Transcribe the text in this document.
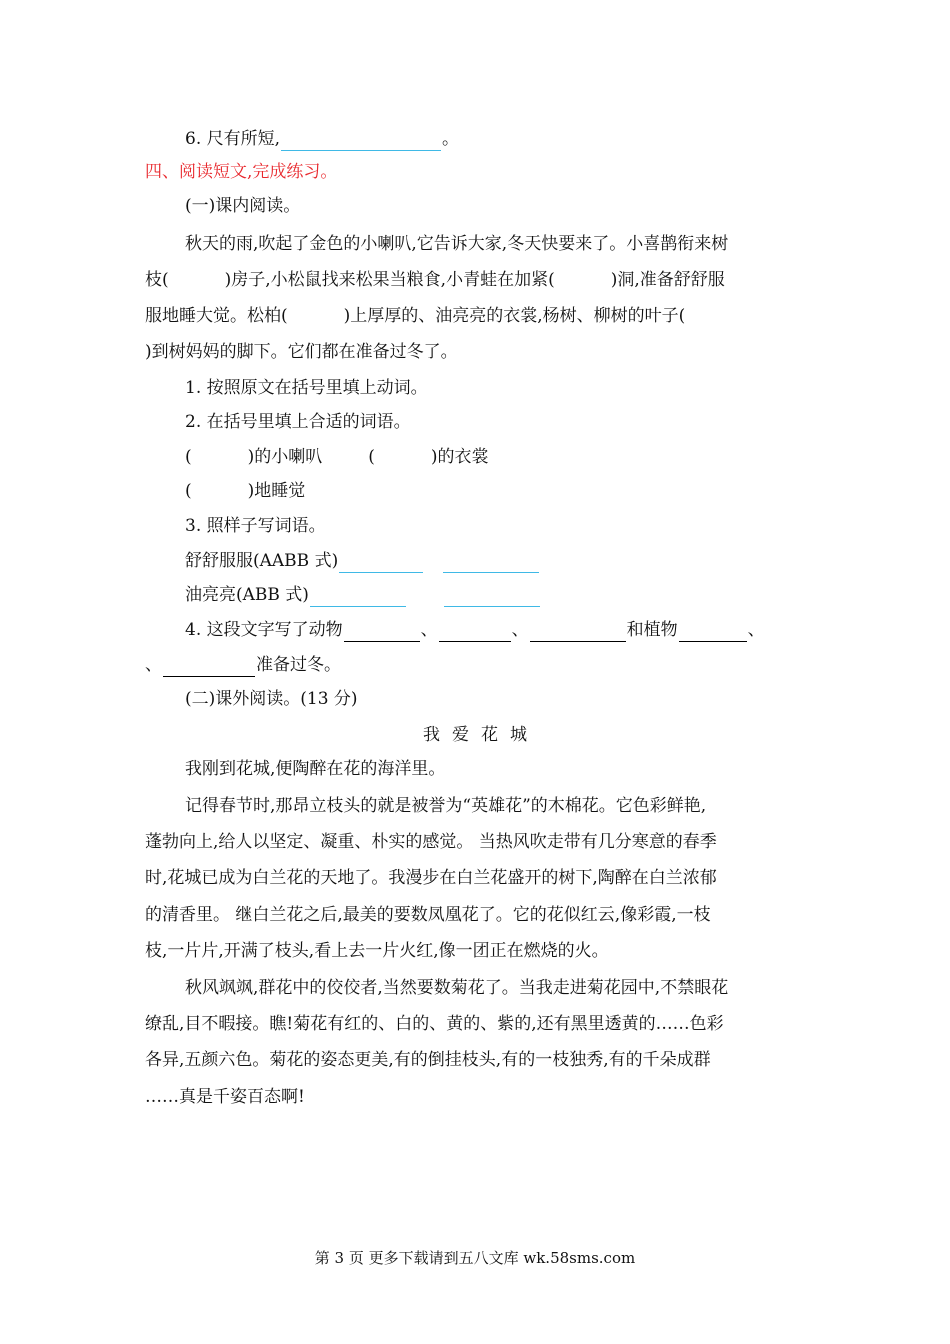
6. 尺有所短,	。
四、阅读短文,完成练习。
(一)课内阅读。
秋天的雨,吹起了金色的小喇叭,它告诉大家,冬天快要来了。小喜鹊衔来树
枝(	)房子,小松鼠找来松果当粮食,小青蛙在加紧(	)洞,准备舒舒服
服地睡大觉。松柏(	)上厚厚的、油亮亮的衣裳,杨树、柳树的叶子(
)到树妈妈的脚下。它们都在准备过冬了。
1. 按照原文在括号里填上动词。
2. 在括号里填上合适的词语。
(	)的小喇叭	(	)的衣裳
(	)地睡觉
3. 照样子写词语。
舒舒服服(AABB 式)
油亮亮(ABB 式)
4. 这段文字写了动物	、	、	和植物	、
、	准备过冬。
(二)课外阅读。(13 分)
我爱花城
我刚到花城,便陶醉在花的海洋里。
记得春节时,那昂立枝头的就是被誉为“英雄花”的木棉花。它色彩鲜艳,
蓬勃向上,给人以坚定、凝重、朴实的感觉。 当热风吹走带有几分寒意的春季
时,花城已成为白兰花的天地了。我漫步在白兰花盛开的树下,陶醉在白兰浓郁
的清香里。 继白兰花之后,最美的要数凤凰花了。它的花似红云,像彩霞,一枝
枝,一片片,开满了枝头,看上去一片火红,像一团正在燃烧的火。
秋风飒飒,群花中的佼佼者,当然要数菊花了。当我走进菊花园中,不禁眼花
缭乱,目不暇接。瞧!菊花有红的、白的、黄的、紫的,还有黑里透黄的……色彩
各异,五颜六色。菊花的姿态更美,有的倒挂枝头,有的一枝独秀,有的千朵成群
……真是千姿百态啊!
第 3 页 更多下载请到五八文库 wk.58sms.com
